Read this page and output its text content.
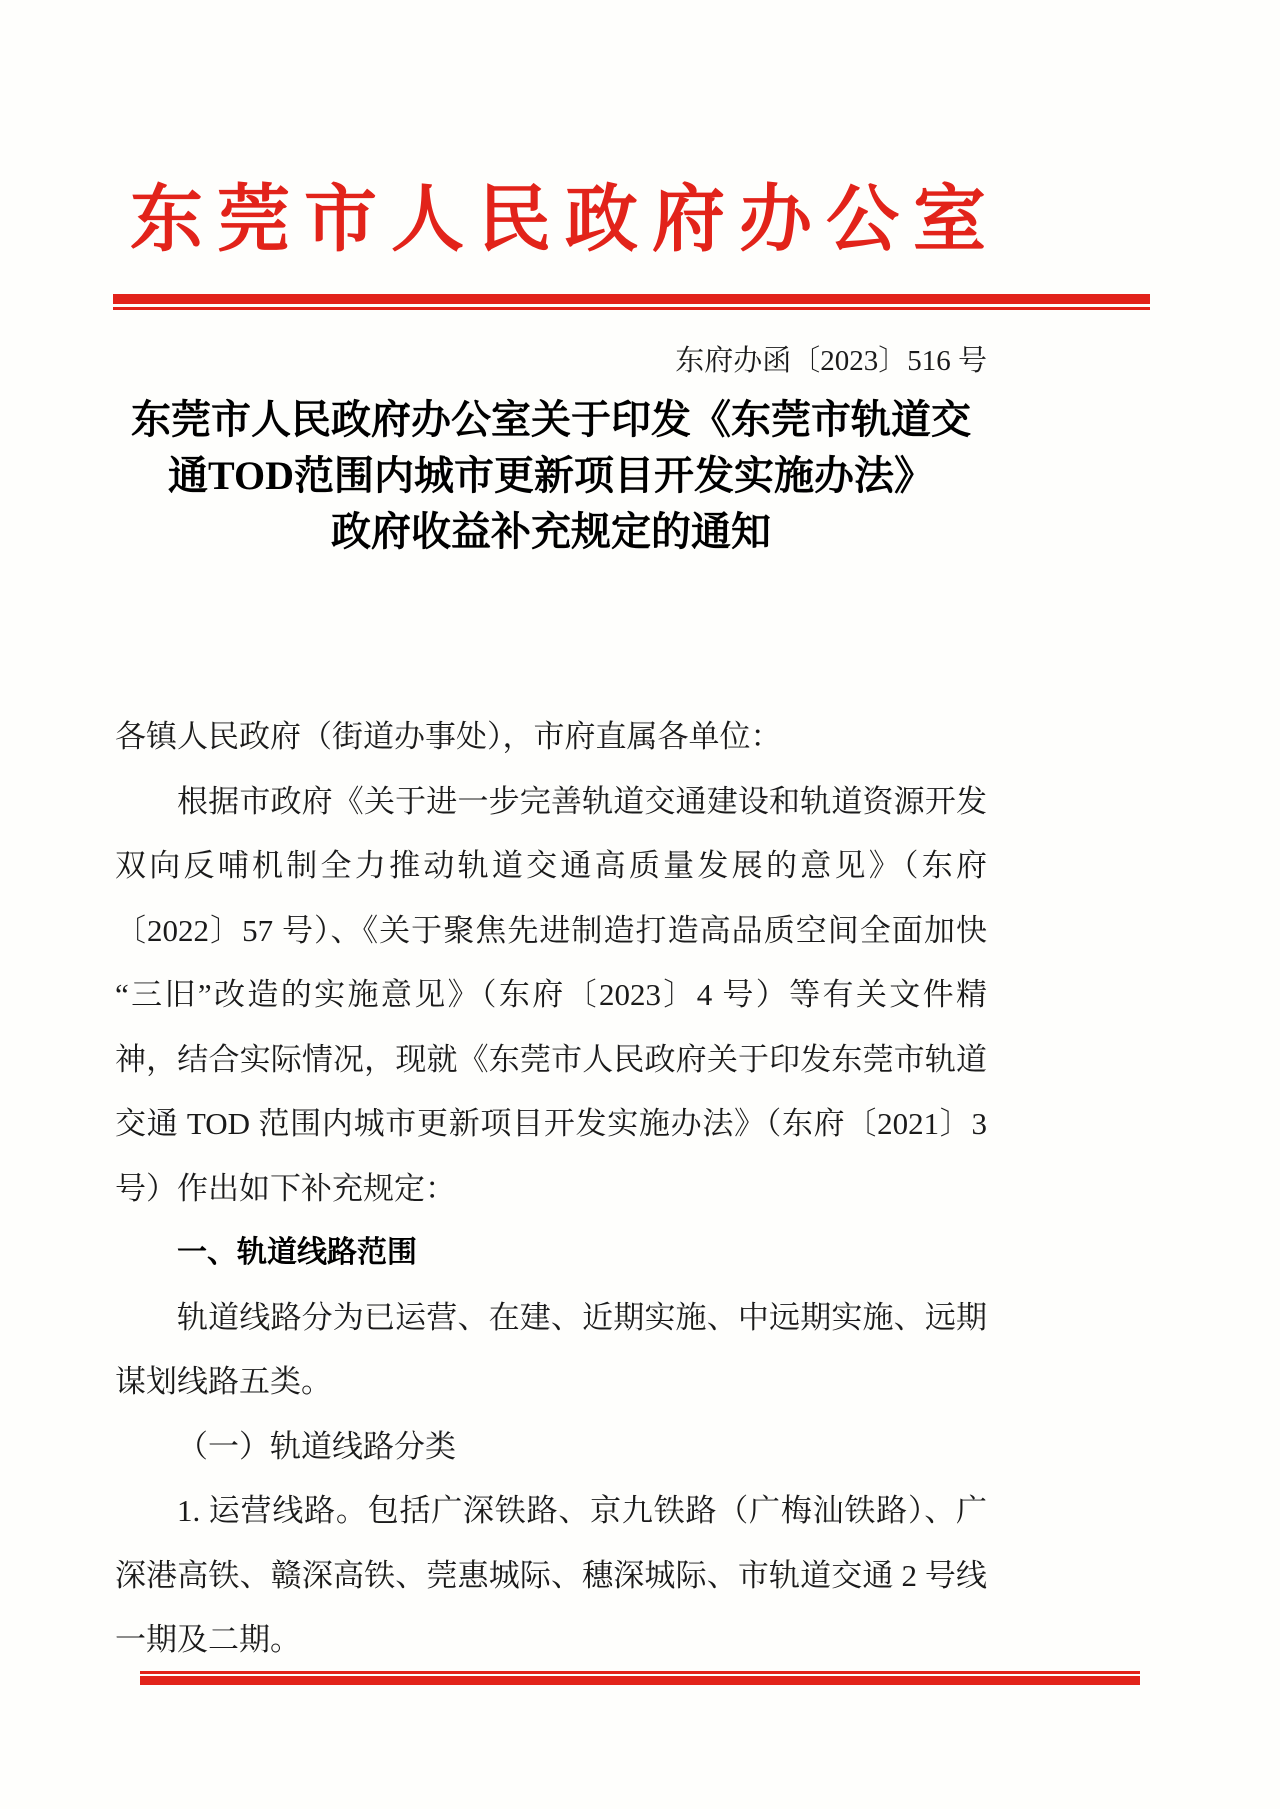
东莞市人民政府办公室
东府办函〔2023〕516 号
东莞市人民政府办公室关于印发《东莞市轨道交
通TOD范围内城市更新项目开发实施办法》
政府收益补充规定的通知
各镇人民政府（街道办事处），市府直属各单位：
根据市政府《关于进一步完善轨道交通建设和轨道资源开发
双向反哺机制全力推动轨道交通高质量发展的意见》（东府
〔2022〕57 号）、《关于聚焦先进制造打造高品质空间全面加快
“三旧”改造的实施意见》（东府〔2023〕4 号）等有关文件精
神，结合实际情况，现就《东莞市人民政府关于印发东莞市轨道
交通 TOD 范围内城市更新项目开发实施办法》（东府〔2021〕3
号）作出如下补充规定：
一、轨道线路范围
轨道线路分为已运营、在建、近期实施、中远期实施、远期
谋划线路五类。
（一）轨道线路分类
1. 运营线路。包括广深铁路、京九铁路（广梅汕铁路）、广
深港高铁、赣深高铁、莞惠城际、穗深城际、市轨道交通 2 号线
一期及二期。
